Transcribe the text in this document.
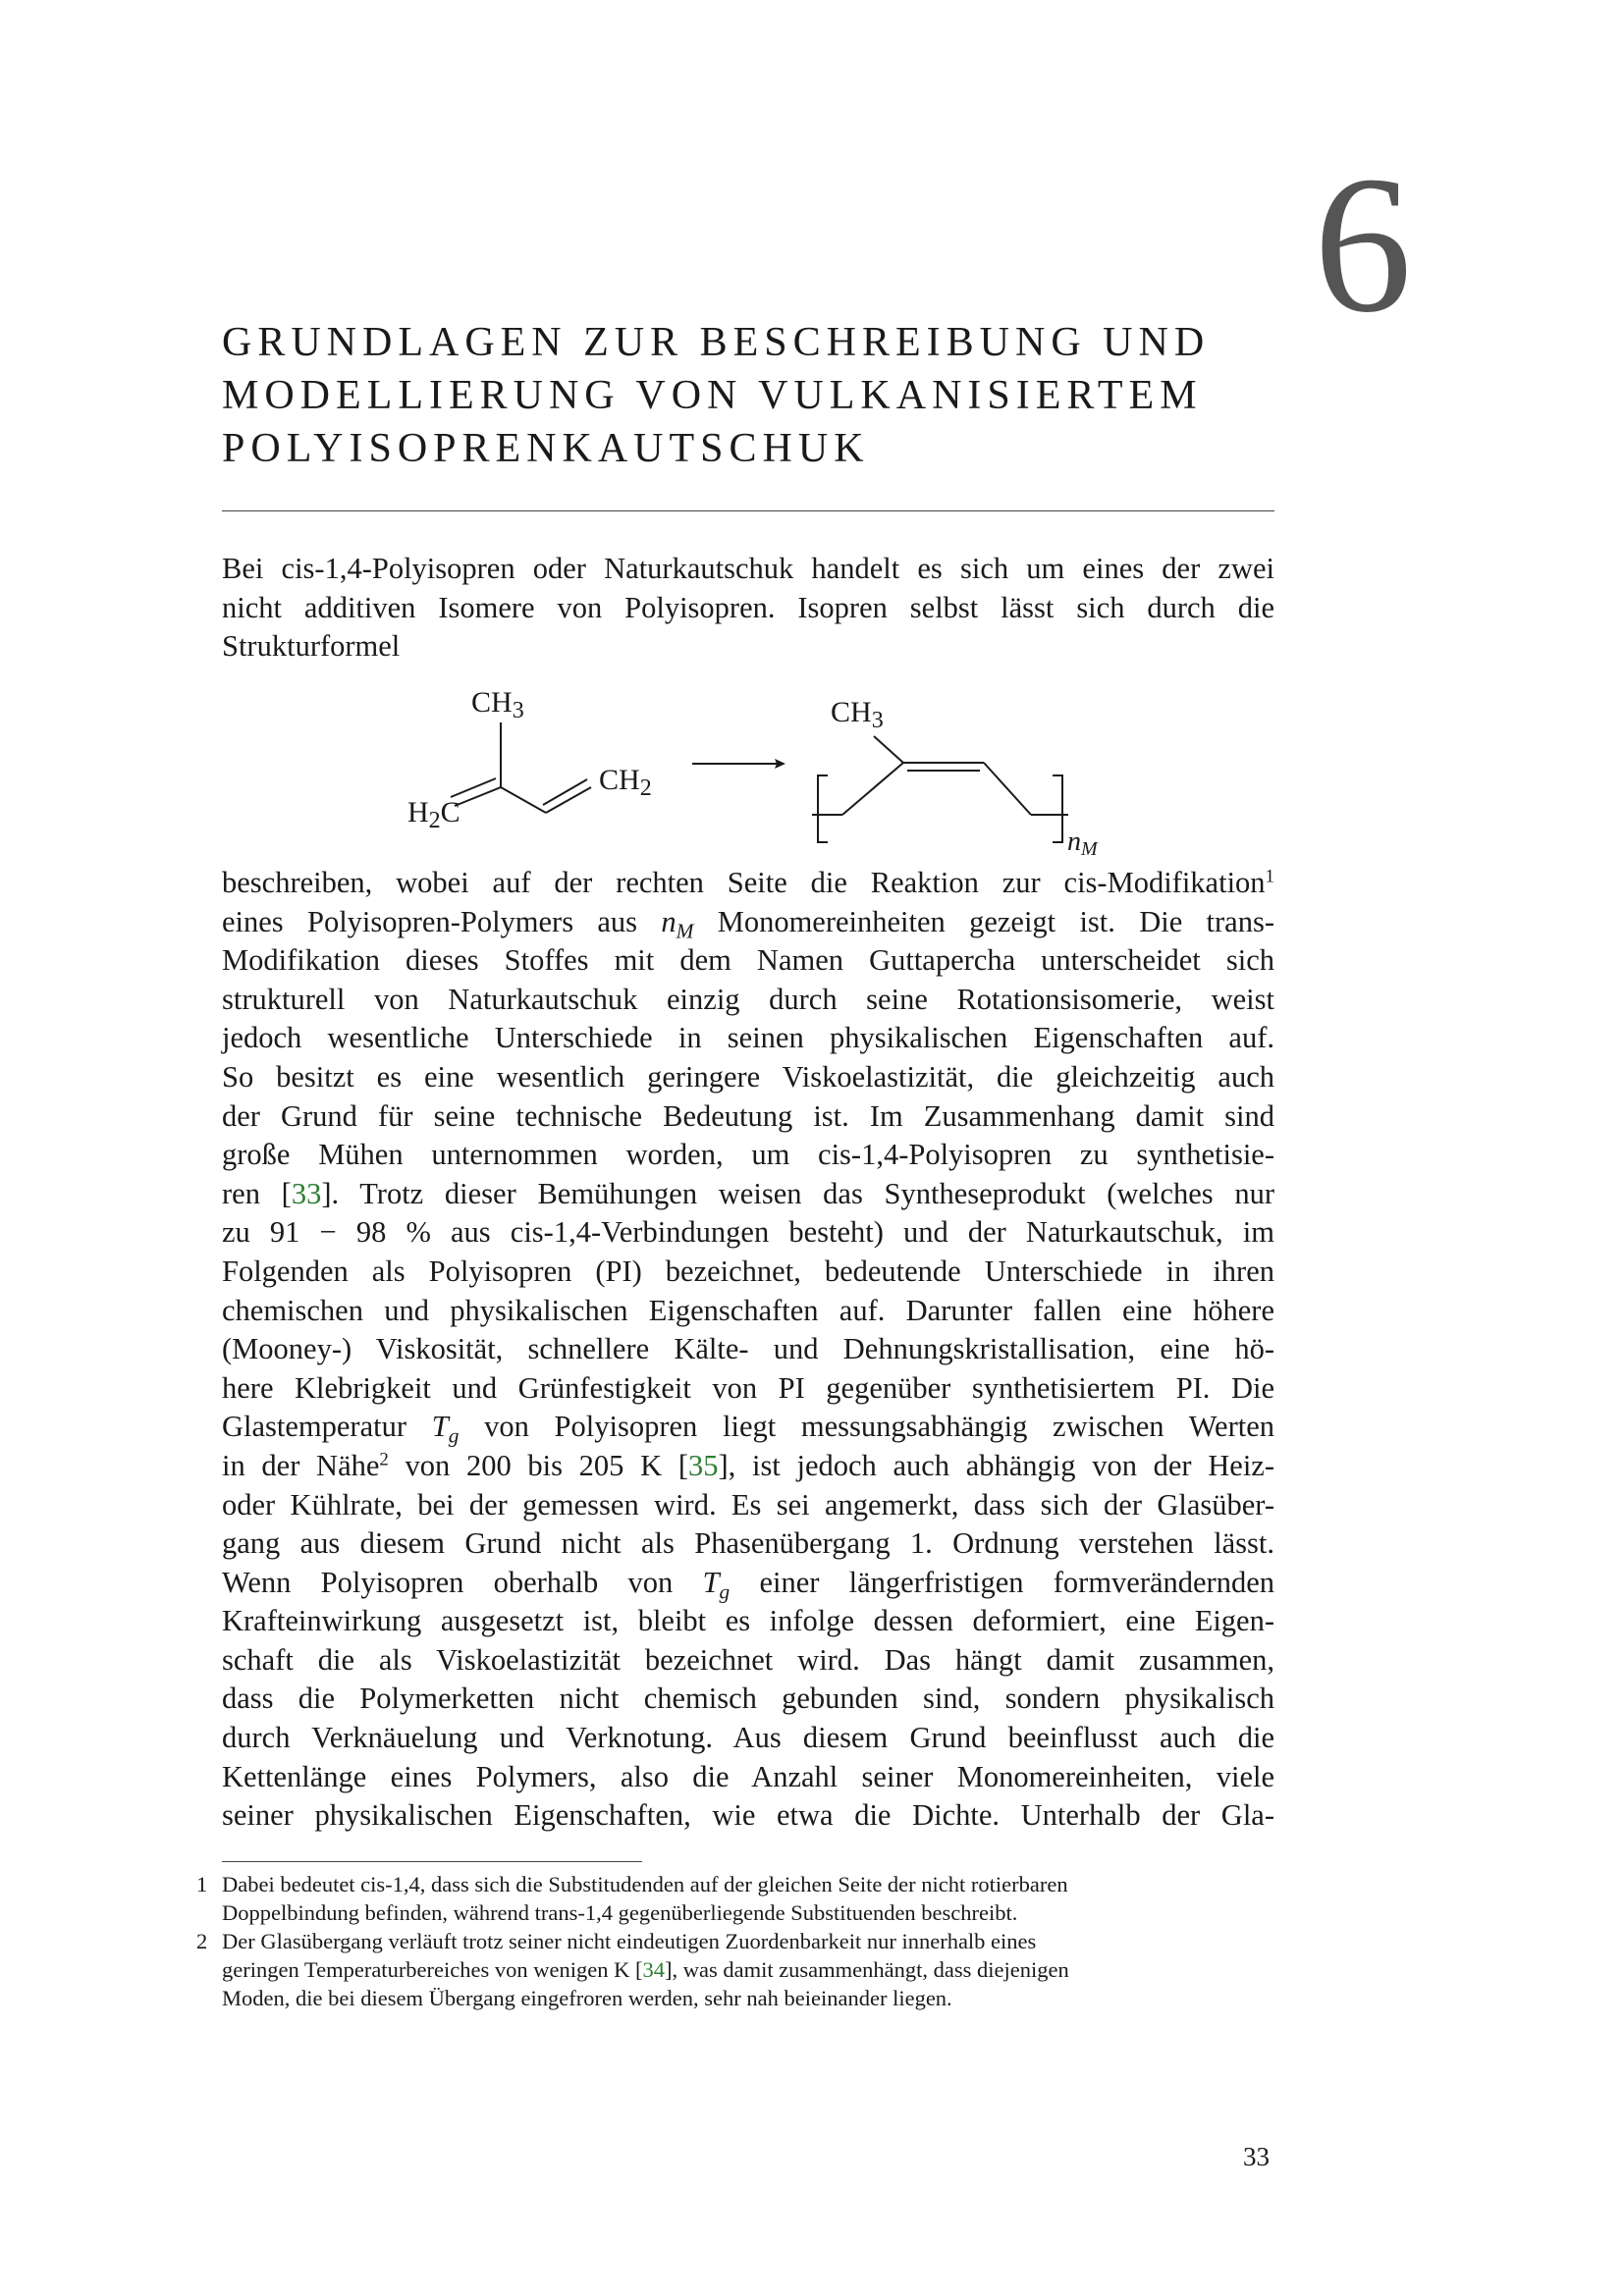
6
GRUNDLAGEN ZUR BESCHREIBUNG UND
MODELLIERUNG VON VULKANISIERTEM
POLYISOPRENKAUTSCHUK

Bei cis-1,4-Polyisopren oder Naturkautschuk handelt es sich um eines der zwei
nicht additiven Isomere von Polyisopren. Isopren selbst lässt sich durch die
Strukturformel

$CH_3$
$CH_2$
$H_2C$
$CH_3$
nM

beschreiben, wobei auf der rechten Seite die Reaktion zur cis-Modifikation$^1$
eines Polyisopren-Polymers aus $n_M$ Monomereinheiten gezeigt ist. Die trans-
Modifikation dieses Stoffes mit dem Namen Guttapercha unterscheidet sich
strukturell von Naturkautschuk einzig durch seine Rotationsisomerie, weist
jedoch wesentliche Unterschiede in seinen physikalischen Eigenschaften auf.
So besitzt es eine wesentlich geringere Viskoelastizität, die gleichzeitig auch
der Grund für seine technische Bedeutung ist. Im Zusammenhang damit sind
große Mühen unternommen worden, um cis-1,4-Polyisopren zu synthetisie-
ren [33]. Trotz dieser Bemühungen weisen das Syntheseprodukt (welches nur
zu 91 − 98 % aus cis-1,4-Verbindungen besteht) und der Naturkautschuk, im
Folgenden als Polyisopren (PI) bezeichnet, bedeutende Unterschiede in ihren
chemischen und physikalischen Eigenschaften auf. Darunter fallen eine höhere
(Mooney-) Viskosität, schnellere Kälte- und Dehnungskristallisation, eine hö-
here Klebrigkeit und Grünfestigkeit von PI gegenüber synthetisiertem PI. Die
Glastemperatur $T_g$ von Polyisopren liegt messungsabhängig zwischen Werten
in der Nähe$^2$ von 200 bis 205 K [35], ist jedoch auch abhängig von der Heiz-
oder Kühlrate, bei der gemessen wird. Es sei angemerkt, dass sich der Glasüber-
gang aus diesem Grund nicht als Phasenübergang 1. Ordnung verstehen lässt.
Wenn Polyisopren oberhalb von $T_g$ einer längerfristigen formverändernden
Krafteinwirkung ausgesetzt ist, bleibt es infolge dessen deformiert, eine Eigen-
schaft die als Viskoelastizität bezeichnet wird. Das hängt damit zusammen,
dass die Polymerketten nicht chemisch gebunden sind, sondern physikalisch
durch Verknäuelung und Verknotung. Aus diesem Grund beeinflusst auch die
Kettenlänge eines Polymers, also die Anzahl seiner Monomereinheiten, viele
seiner physikalischen Eigenschaften, wie etwa die Dichte. Unterhalb der Gla-

1 Dabei bedeutet cis-1,4, dass sich die Substitudenden auf der gleichen Seite der nicht rotierbaren
Doppelbindung befinden, während trans-1,4 gegenüberliegende Substituenden beschreibt.
2 Der Glasübergang verläuft trotz seiner nicht eindeutigen Zuordenbarkeit nur innerhalb eines
geringen Temperaturbereiches von wenigen K [34], was damit zusammenhängt, dass diejenigen
Moden, die bei diesem Übergang eingefroren werden, sehr nah beieinander liegen.
33
